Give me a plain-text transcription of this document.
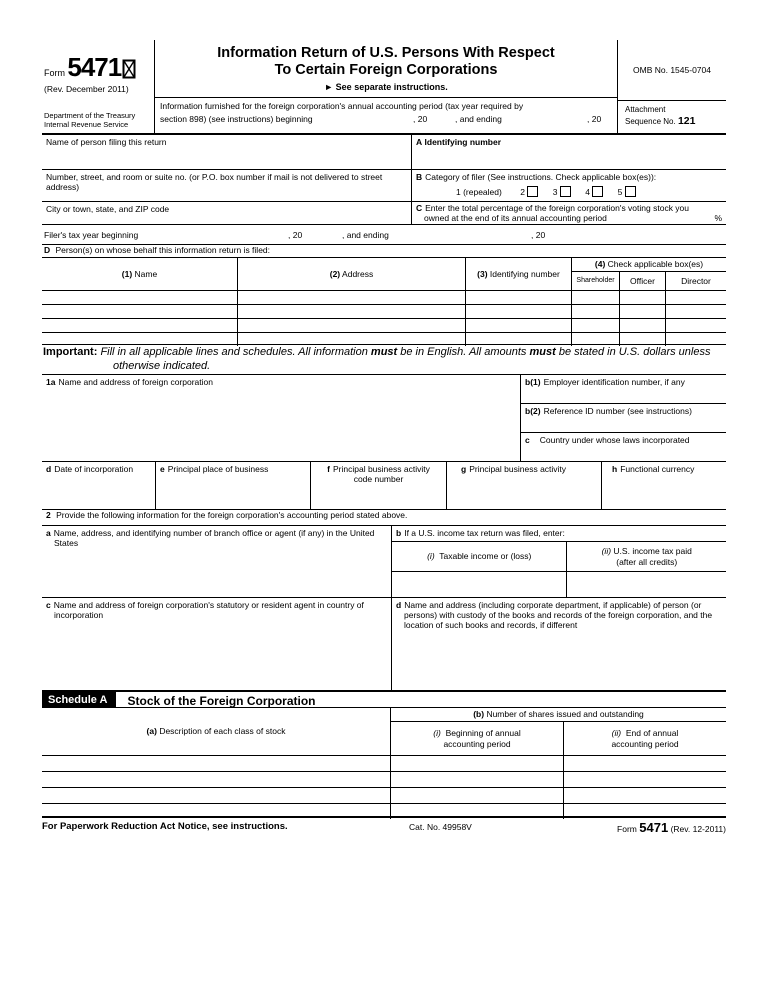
Form 5471
(Rev. December 2011)
Department of the Treasury
Internal Revenue Service
Information Return of U.S. Persons With Respect
To Certain Foreign Corporations
► See separate instructions.
Information furnished for the foreign corporation's annual accounting period (tax year required by
section 898) (see instructions) beginning	, 20	, and ending	, 20
OMB No. 1545-0704
Attachment
Sequence No. 121
Name of person filing this return	A Identifying number
Number, street, and room or suite no. (or P.O. box number if mail is not delivered to street address)
B Category of filer (See instructions. Check applicable box(es)):
1 (repealed) 2	3	4	5
City or town, state, and ZIP code	C Enter the total percentage of the foreign corporation's voting stock you owned at the end of its annual accounting period	%
Filer's tax year beginning	, 20	, and ending	, 20
D Person(s) on whose behalf this information return is filed:
(1) Name	(2) Address	(3) Identifying number
(4) Check applicable box(es)
Shareholder	Officer	Director

Important: Fill in all applicable lines and schedules. All information must be in English. All amounts must be stated in U.S. dollars unless otherwise indicated.

1a Name and address of foreign corporation	b(1) Employer identification number, if any
b(2) Reference ID number (see instructions)
c Country under whose laws incorporated
d Date of incorporation	e Principal place of business	f Principal business activity
code number
g Principal business activity	h Functional currency
2 Provide the following information for the foreign corporation's accounting period stated above.
a Name, address, and identifying number of branch office or agent (if any) in the United States
b If a U.S. income tax return was filed, enter:
(i) Taxable income or (loss)
(ii) U.S. income tax paid
(after all credits)
c Name and address of foreign corporation's statutory or resident agent in country of incorporation
d Name and address (including corporate department, if applicable) of person (or persons) with custody of the books and records of the foreign corporation, and the location of such books and records, if different
Schedule A	Stock of the Foreign Corporation
(a) Description of each class of stock
(b) Number of shares issued and outstanding
(i) Beginning of annual
accounting period
(ii) End of annual
accounting period
For Paperwork Reduction Act Notice, see instructions.	Cat. No. 49958V	Form 5471 (Rev. 12-2011)
